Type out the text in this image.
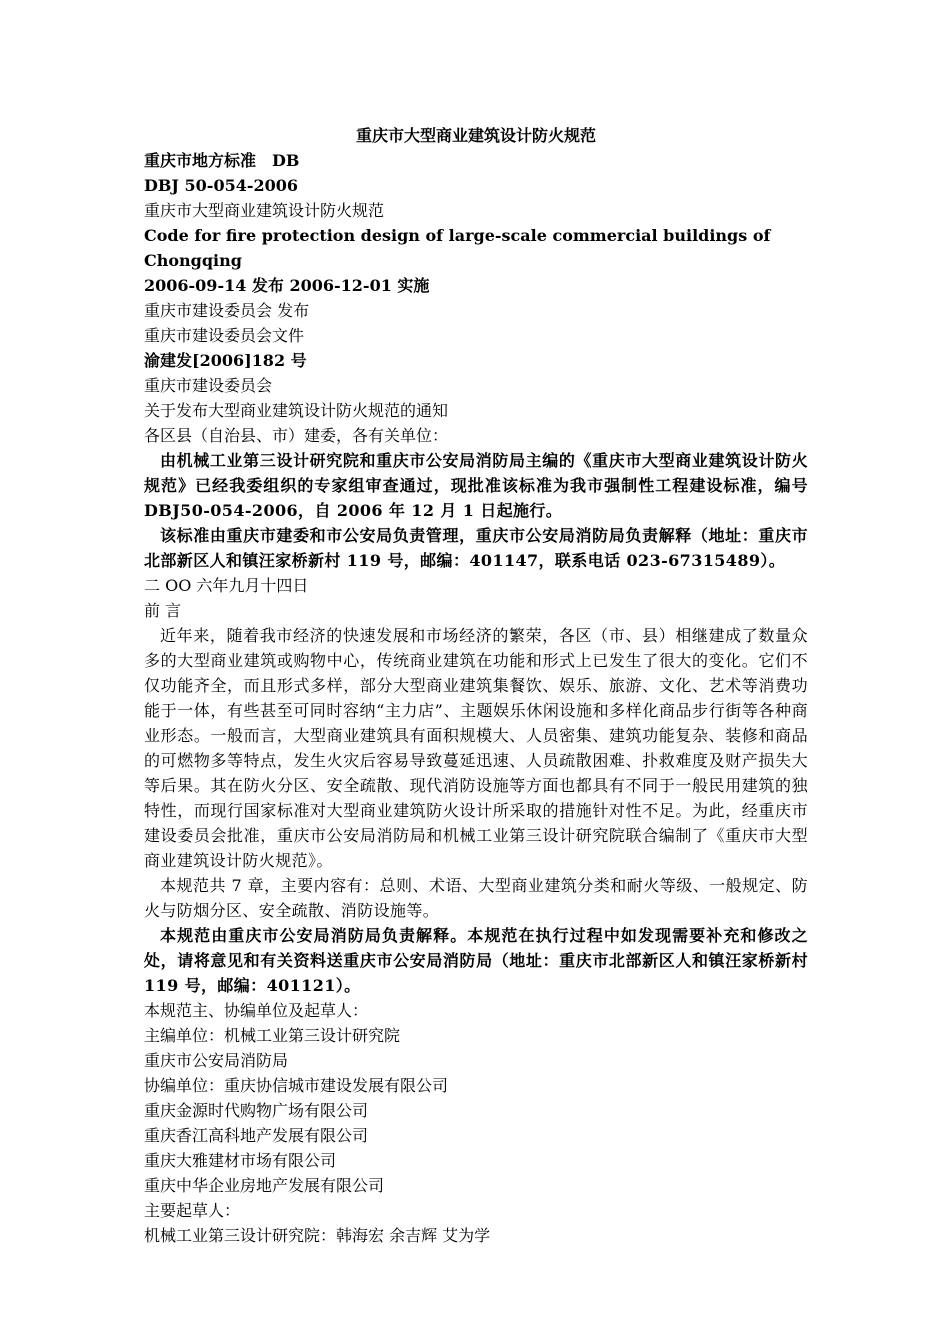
重庆市大型商业建筑设计防火规范

重庆市地方标准　DB

DBJ 50-054-2006

重庆市大型商业建筑设计防火规范

Code for fire protection design of large-scale commercial buildings of Chongqing

2006-09-14 发布 2006-12-01 实施

重庆市建设委员会 发布

重庆市建设委员会文件

渝建发[2006]182 号

重庆市建设委员会

关于发布大型商业建筑设计防火规范的通知

各区县（自治县、市）建委，各有关单位：

由机械工业第三设计研究院和重庆市公安局消防局主编的《重庆市大型商业建筑设计防火规范》已经我委组织的专家组审查通过，现批准该标准为我市强制性工程建设标准，编号DBJ50-054-2006，自 2006 年 12 月 1 日起施行。

该标准由重庆市建委和市公安局负责管理，重庆市公安局消防局负责解释（地址：重庆市北部新区人和镇汪家桥新村 119 号，邮编：401147，联系电话 023-67315489）。

二 OO 六年九月十四日

前 言

近年来，随着我市经济的快速发展和市场经济的繁荣，各区（市、县）相继建成了数量众多的大型商业建筑或购物中心，传统商业建筑在功能和形式上已发生了很大的变化。它们不仅功能齐全，而且形式多样，部分大型商业建筑集餐饮、娱乐、旅游、文化、艺术等消费功能于一体，有些甚至可同时容纳“主力店”、主题娱乐休闲设施和多样化商品步行街等各种商业形态。一般而言，大型商业建筑具有面积规模大、人员密集、建筑功能复杂、装修和商品的可燃物多等特点，发生火灾后容易导致蔓延迅速、人员疏散困难、扑救难度及财产损失大等后果。其在防火分区、安全疏散、现代消防设施等方面也都具有不同于一般民用建筑的独特性，而现行国家标准对大型商业建筑防火设计所采取的措施针对性不足。为此，经重庆市建设委员会批准，重庆市公安局消防局和机械工业第三设计研究院联合编制了《重庆市大型商业建筑设计防火规范》。

本规范共 7 章，主要内容有：总则、术语、大型商业建筑分类和耐火等级、一般规定、防火与防烟分区、安全疏散、消防设施等。

本规范由重庆市公安局消防局负责解释。本规范在执行过程中如发现需要补充和修改之处，请将意见和有关资料送重庆市公安局消防局（地址：重庆市北部新区人和镇汪家桥新村 119 号，邮编：401121）。

本规范主、协编单位及起草人：

主编单位：机械工业第三设计研究院

重庆市公安局消防局

协编单位：重庆协信城市建设发展有限公司

重庆金源时代购物广场有限公司

重庆香江高科地产发展有限公司

重庆大雅建材市场有限公司

重庆中华企业房地产发展有限公司

主要起草人：

机械工业第三设计研究院：韩海宏 余吉辉 艾为学
